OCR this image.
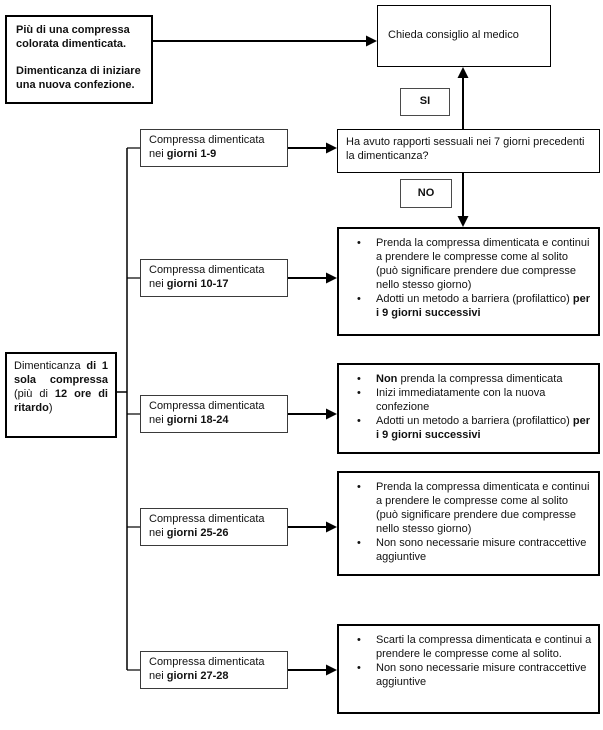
Più di una compressa colorata dimenticata.
Dimenticanza di iniziare una nuova confezione.
Chieda consiglio al medico
SI
Ha avuto rapporti sessuali nei 7 giorni precedenti la dimenticanza?
NO
Dimenticanza di 1 sola compressa (più di 12 ore di ritardo)
Compressa dimenticata nei giorni 1-9
Compressa dimenticata nei giorni 10-17
Compressa dimenticata nei giorni 18-24
Compressa dimenticata nei giorni 25-26
Compressa dimenticata nei giorni 27-28
•	Prenda la compressa dimenticata e continui a prendere le compresse come al solito (può significare prendere due compresse nello stesso giorno)
•	Adotti un metodo a barriera (profilattico) per i 9 giorni successivi
•	Non prenda la compressa dimenticata
•	Inizi immediatamente con la nuova confezione
•	Adotti un metodo a barriera (profilattico) per i 9 giorni successivi
•	Prenda la compressa dimenticata e continui a prendere le compresse come al solito (può significare prendere due compresse nello stesso giorno)
•	Non sono necessarie misure contraccettive aggiuntive
•	Scarti la compressa dimenticata e continui a prendere le compresse come al solito.
•	Non sono necessarie misure contraccettive aggiuntive
